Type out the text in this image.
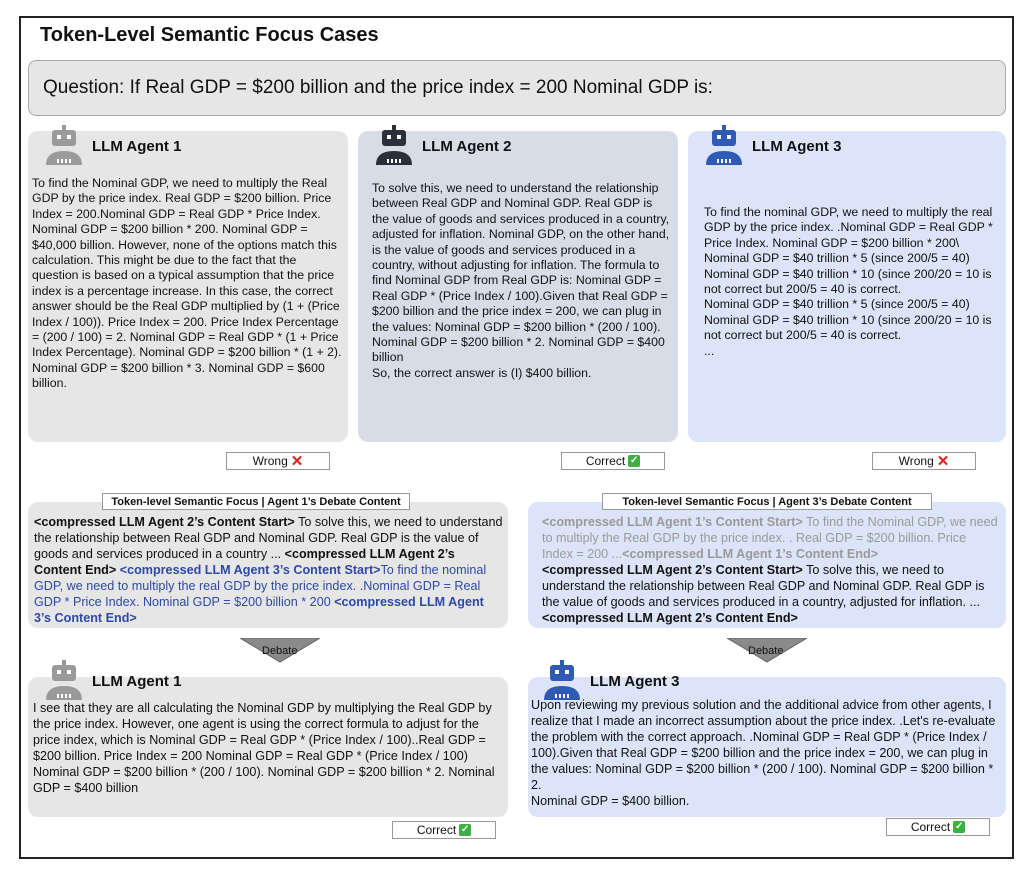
Token-Level Semantic Focus Cases
Question: If Real GDP = $200 billion and the price index = 200 Nominal GDP is:
LLM Agent 1
To find the Nominal GDP, we need to multiply the Real GDP by the price index. Real GDP = $200 billion. Price Index = 200.Nominal GDP = Real GDP * Price Index. Nominal GDP = $200 billion * 200. Nominal GDP = $40,000 billion. However, none of the options match this calculation. This might be due to the fact that the question is based on a typical assumption that the price index is a percentage increase. In this case, the correct answer should be the Real GDP multiplied by (1 + (Price Index / 100)). Price Index = 200. Price Index Percentage = (200 / 100) = 2. Nominal GDP = Real GDP * (1 + Price Index Percentage). Nominal GDP = $200 billion * (1 + 2). Nominal GDP = $200 billion * 3. Nominal GDP = $600 billion.
LLM Agent 2
To solve this, we need to understand the relationship between Real GDP and Nominal GDP. Real GDP is the value of goods and services produced in a country, adjusted for inflation. Nominal GDP, on the other hand, is the value of goods and services produced in a country, without adjusting for inflation. The formula to find Nominal GDP from Real GDP is: Nominal GDP = Real GDP * (Price Index / 100).Given that Real GDP = $200 billion and the price index = 200, we can plug in the values: Nominal GDP = $200 billion * (200 / 100). Nominal GDP = $200 billion * 2. Nominal GDP = $400 billion
So, the correct answer is (I) $400 billion.
LLM Agent 3
To find the nominal GDP, we need to multiply the real GDP by the price index. .Nominal GDP = Real GDP * Price Index. Nominal GDP = $200 billion * 200\
Nominal GDP = $40 trillion * 5 (since 200/5 = 40)
Nominal GDP = $40 trillion * 10 (since 200/20 = 10 is not correct but 200/5 = 40 is correct.
Nominal GDP = $40 trillion * 5 (since 200/5 = 40)
Nominal GDP = $40 trillion * 10 (since 200/20 = 10 is not correct but 200/5 = 40 is correct.
...
Wrong ✕	Correct ✓	Wrong ✕
Token-level Semantic Focus | Agent 1’s Debate Content
<compressed LLM Agent 2’s Content Start> To solve this, we need to understand the relationship between Real GDP and Nominal GDP. Real GDP is the value of goods and services produced in a country ... <compressed LLM Agent 2’s Content End> <compressed LLM Agent 3’s Content Start>To find the nominal GDP, we need to multiply the real GDP by the price index. .Nominal GDP = Real GDP * Price Index. Nominal GDP = $200 billion * 200 <compressed LLM Agent 3’s Content End>
Token-level Semantic Focus | Agent 3’s Debate Content
<compressed LLM Agent 1’s Content Start> To find the Nominal GDP, we need to multiply the Real GDP by the price index. . Real GDP = $200 billion. Price Index = 200 ...<compressed LLM Agent 1’s Content End>
<compressed LLM Agent 2’s Content Start> To solve this, we need to understand the relationship between Real GDP and Nominal GDP. Real GDP is the value of goods and services produced in a country, adjusted for inflation. ... <compressed LLM Agent 2’s Content End>
Debate	Debate
LLM Agent 1
I see that they are all calculating the Nominal GDP by multiplying the Real GDP by the price index. However, one agent is using the correct formula to adjust for the price index, which is Nominal GDP = Real GDP * (Price Index / 100)..Real GDP = $200 billion. Price Index = 200 Nominal GDP = Real GDP * (Price Index / 100) Nominal GDP = $200 billion * (200 / 100). Nominal GDP = $200 billion * 2. Nominal GDP = $400 billion
LLM Agent 3
Upon reviewing my previous solution and the additional advice from other agents, I realize that I made an incorrect assumption about the price index. .Let's re-evaluate the problem with the correct approach. .Nominal GDP = Real GDP * (Price Index / 100).Given that Real GDP = $200 billion and the price index = 200, we can plug in the values: Nominal GDP = $200 billion * (200 / 100). Nominal GDP = $200 billion * 2.
Nominal GDP = $400 billion.
Correct ✓	Correct ✓
